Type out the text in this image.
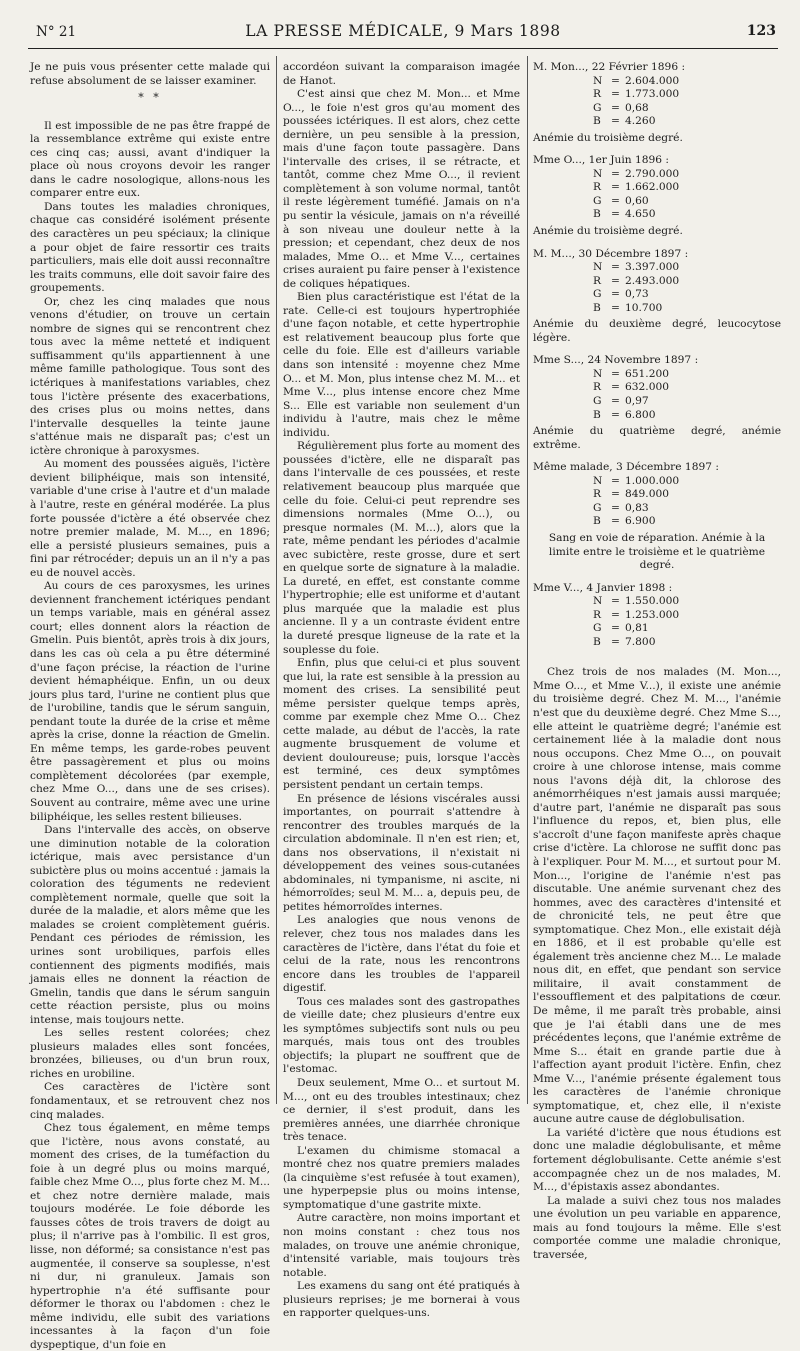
N° 21	LA PRESSE MÉDICALE, 9 Mars 1898	123

Je ne puis vous présenter cette malade qui refuse absolument de se laisser examiner.

* *

Il est impossible de ne pas être frappé de la ressemblance extrême qui existe entre ces cinq cas; aussi, avant d'indiquer la place où nous croyons devoir les ranger dans le cadre nosologique, allons-nous les comparer entre eux.

Dans toutes les maladies chroniques, chaque cas considéré isolément présente des caractères un peu spéciaux; la clinique a pour objet de faire ressortir ces traits particuliers, mais elle doit aussi reconnaître les traits communs, elle doit savoir faire des groupements.

Or, chez les cinq malades que nous venons d'étudier, on trouve un certain nombre de signes qui se rencontrent chez tous avec la même netteté et indiquent suffisamment qu'ils appartiennent à une même famille pathologique. Tous sont des ictériques à manifestations variables, chez tous l'ictère présente des exacerbations, des crises plus ou moins nettes, dans l'intervalle desquelles la teinte jaune s'atténue mais ne disparaît pas; c'est un ictère chronique à paroxysmes.

Au moment des poussées aiguës, l'ictère devient biliphéique, mais son intensité, variable d'une crise à l'autre et d'un malade à l'autre, reste en général modérée. La plus forte poussée d'ictère a été observée chez notre premier malade, M. M..., en 1896; elle a persisté plusieurs semaines, puis a fini par rétrocéder; depuis un an il n'y a pas eu de nouvel accès.

Au cours de ces paroxysmes, les urines deviennent franchement ictériques pendant un temps variable, mais en général assez court; elles donnent alors la réaction de Gmelin. Puis bientôt, après trois à dix jours, dans les cas où cela a pu être déterminé d'une façon précise, la réaction de l'urine devient hémaphéique. Enfin, un ou deux jours plus tard, l'urine ne contient plus que de l'urobiline, tandis que le sérum sanguin, pendant toute la durée de la crise et même après la crise, donne la réaction de Gmelin. En même temps, les garde-robes peuvent être passagèrement et plus ou moins complètement décolorées (par exemple, chez Mme O..., dans une de ses crises). Souvent au contraire, même avec une urine biliphéique, les selles restent bilieuses.

Dans l'intervalle des accès, on observe une diminution notable de la coloration ictérique, mais avec persistance d'un subictère plus ou moins accentué : jamais la coloration des téguments ne redevient complètement normale, quelle que soit la durée de la maladie, et alors même que les malades se croient complètement guéris. Pendant ces périodes de rémission, les urines sont urobiliques, parfois elles contiennent des pigments modifiés, mais jamais elles ne donnent la réaction de Gmelin, tandis que dans le sérum sanguin cette réaction persiste, plus ou moins intense, mais toujours nette.

Les selles restent colorées; chez plusieurs malades elles sont foncées, bronzées, bilieuses, ou d'un brun roux, riches en urobiline.

Ces caractères de l'ictère sont fondamentaux, et se retrouvent chez nos cinq malades.

Chez tous également, en même temps que l'ictère, nous avons constaté, au moment des crises, de la tuméfaction du foie à un degré plus ou moins marqué, faible chez Mme O..., plus forte chez M. M... et chez notre dernière malade, mais toujours modérée. Le foie déborde les fausses côtes de trois travers de doigt au plus; il n'arrive pas à l'ombilic. Il est gros, lisse, non déformé; sa consistance n'est pas augmentée, il conserve sa souplesse, n'est ni dur, ni granuleux. Jamais son hypertrophie n'a été suffisante pour déformer le thorax ou l'abdomen : chez le même individu, elle subit des variations incessantes à la façon d'un foie dyspeptique, d'un foie en

accordéon suivant la comparaison imagée de Hanot.

C'est ainsi que chez M. Mon... et Mme O..., le foie n'est gros qu'au moment des poussées ictériques. Il est alors, chez cette dernière, un peu sensible à la pression, mais d'une façon toute passagère. Dans l'intervalle des crises, il se rétracte, et tantôt, comme chez Mme O..., il revient complètement à son volume normal, tantôt il reste légèrement tuméfié. Jamais on n'a pu sentir la vésicule, jamais on n'a réveillé à son niveau une douleur nette à la pression; et cependant, chez deux de nos malades, Mme O... et Mme V..., certaines crises auraient pu faire penser à l'existence de coliques hépatiques.

Bien plus caractéristique est l'état de la rate. Celle-ci est toujours hypertrophiée d'une façon notable, et cette hypertrophie est relativement beaucoup plus forte que celle du foie. Elle est d'ailleurs variable dans son intensité : moyenne chez Mme O... et M. Mon, plus intense chez M. M... et Mme V..., plus intense encore chez Mme S... Elle est variable non seulement d'un individu à l'autre, mais chez le même individu.

Régulièrement plus forte au moment des poussées d'ictère, elle ne disparaît pas dans l'intervalle de ces poussées, et reste relativement beaucoup plus marquée que celle du foie. Celui-ci peut reprendre ses dimensions normales (Mme O...), ou presque normales (M. M...), alors que la rate, même pendant les périodes d'acalmie avec subictère, reste grosse, dure et sert en quelque sorte de signature à la maladie. La dureté, en effet, est constante comme l'hypertrophie; elle est uniforme et d'autant plus marquée que la maladie est plus ancienne. Il y a un contraste évident entre la dureté presque ligneuse de la rate et la souplesse du foie.

Enfin, plus que celui-ci et plus souvent que lui, la rate est sensible à la pression au moment des crises. La sensibilité peut même persister quelque temps après, comme par exemple chez Mme O... Chez cette malade, au début de l'accès, la rate augmente brusquement de volume et devient douloureuse; puis, lorsque l'accès est terminé, ces deux symptômes persistent pendant un certain temps.

En présence de lésions viscérales aussi importantes, on pourrait s'attendre à rencontrer des troubles marqués de la circulation abdominale. Il n'en est rien; et, dans nos observations, il n'existait ni développement des veines sous-cutanées abdominales, ni tympanisme, ni ascite, ni hémorroïdes; seul M. M... a, depuis peu, de petites hémorroïdes internes.

Les analogies que nous venons de relever, chez tous nos malades dans les caractères de l'ictère, dans l'état du foie et celui de la rate, nous les rencontrons encore dans les troubles de l'appareil digestif.

Tous ces malades sont des gastropathes de vieille date; chez plusieurs d'entre eux les symptômes subjectifs sont nuls ou peu marqués, mais tous ont des troubles objectifs; la plupart ne souffrent que de l'estomac.

Deux seulement, Mme O... et surtout M. M..., ont eu des troubles intestinaux; chez ce dernier, il s'est produit, dans les premières années, une diarrhée chronique très tenace.

L'examen du chimisme stomacal a montré chez nos quatre premiers malades (la cinquième s'est refusée à tout examen), une hyperpepsie plus ou moins intense, symptomatique d'une gastrite mixte.

Autre caractère, non moins important et non moins constant : chez tous nos malades, on trouve une anémie chronique, d'intensité variable, mais toujours très notable.

Les examens du sang ont été pratiqués à plusieurs reprises; je me bornerai à vous en rapporter quelques-uns.

M. Mon..., 22 Février 1896 :

N = 2.604.000
R = 1.773.000
G = 0,68
B = 4.260

Anémie du troisième degré.

Mme O..., 1er Juin 1896 :

N = 2.790.000
R = 1.662.000
G = 0,60
B = 4.650

Anémie du troisième degré.

M. M..., 30 Décembre 1897 :

N = 3.397.000
R = 2.493.000
G = 0,73
B = 10.700

Anémie du deuxième degré, leucocytose légère.

Mme S..., 24 Novembre 1897 :

N = 651.200
R = 632.000
G = 0,97
B = 6.800

Anémie du quatrième degré, anémie extrême.

Même malade, 3 Décembre 1897 :

N = 1.000.000
R = 849.000
G = 0,83
B = 6.900

Sang en voie de réparation. Anémie à la limite entre le troisième et le quatrième degré.

Mme V..., 4 Janvier 1898 :

N = 1.550.000
R = 1.253.000
G = 0,81
B = 7.800

Chez trois de nos malades (M. Mon..., Mme O..., et Mme V...), il existe une anémie du troisième degré. Chez M. M..., l'anémie n'est que du deuxième degré. Chez Mme S..., elle atteint le quatrième degré; l'anémie est certainement liée à la maladie dont nous nous occupons. Chez Mme O..., on pouvait croire à une chlorose intense, mais comme nous l'avons déjà dit, la chlorose des anémorrhéiques n'est jamais aussi marquée; d'autre part, l'anémie ne disparaît pas sous l'influence du repos, et, bien plus, elle s'accroît d'une façon manifeste après chaque crise d'ictère. La chlorose ne suffit donc pas à l'expliquer. Pour M. M..., et surtout pour M. Mon..., l'origine de l'anémie n'est pas discutable. Une anémie survenant chez des hommes, avec des caractères d'intensité et de chronicité tels, ne peut être que symptomatique. Chez Mon., elle existait déjà en 1886, et il est probable qu'elle est également très ancienne chez M... Le malade nous dit, en effet, que pendant son service militaire, il avait constamment de l'essoufflement et des palpitations de cœur. De même, il me paraît très probable, ainsi que je l'ai établi dans une de mes précédentes leçons, que l'anémie extrême de Mme S... était en grande partie due à l'affection ayant produit l'ictère. Enfin, chez Mme V..., l'anémie présente également tous les caractères de l'anémie chronique symptomatique, et, chez elle, il n'existe aucune autre cause de déglobulisation.

La variété d'ictère que nous étudions est donc une maladie déglobulisante, et même fortement déglobulisante. Cette anémie s'est accompagnée chez un de nos malades, M. M..., d'épistaxis assez abondantes.

La malade a suivi chez tous nos malades une évolution un peu variable en apparence, mais au fond toujours la même. Elle s'est comportée comme une maladie chronique, traversée,
